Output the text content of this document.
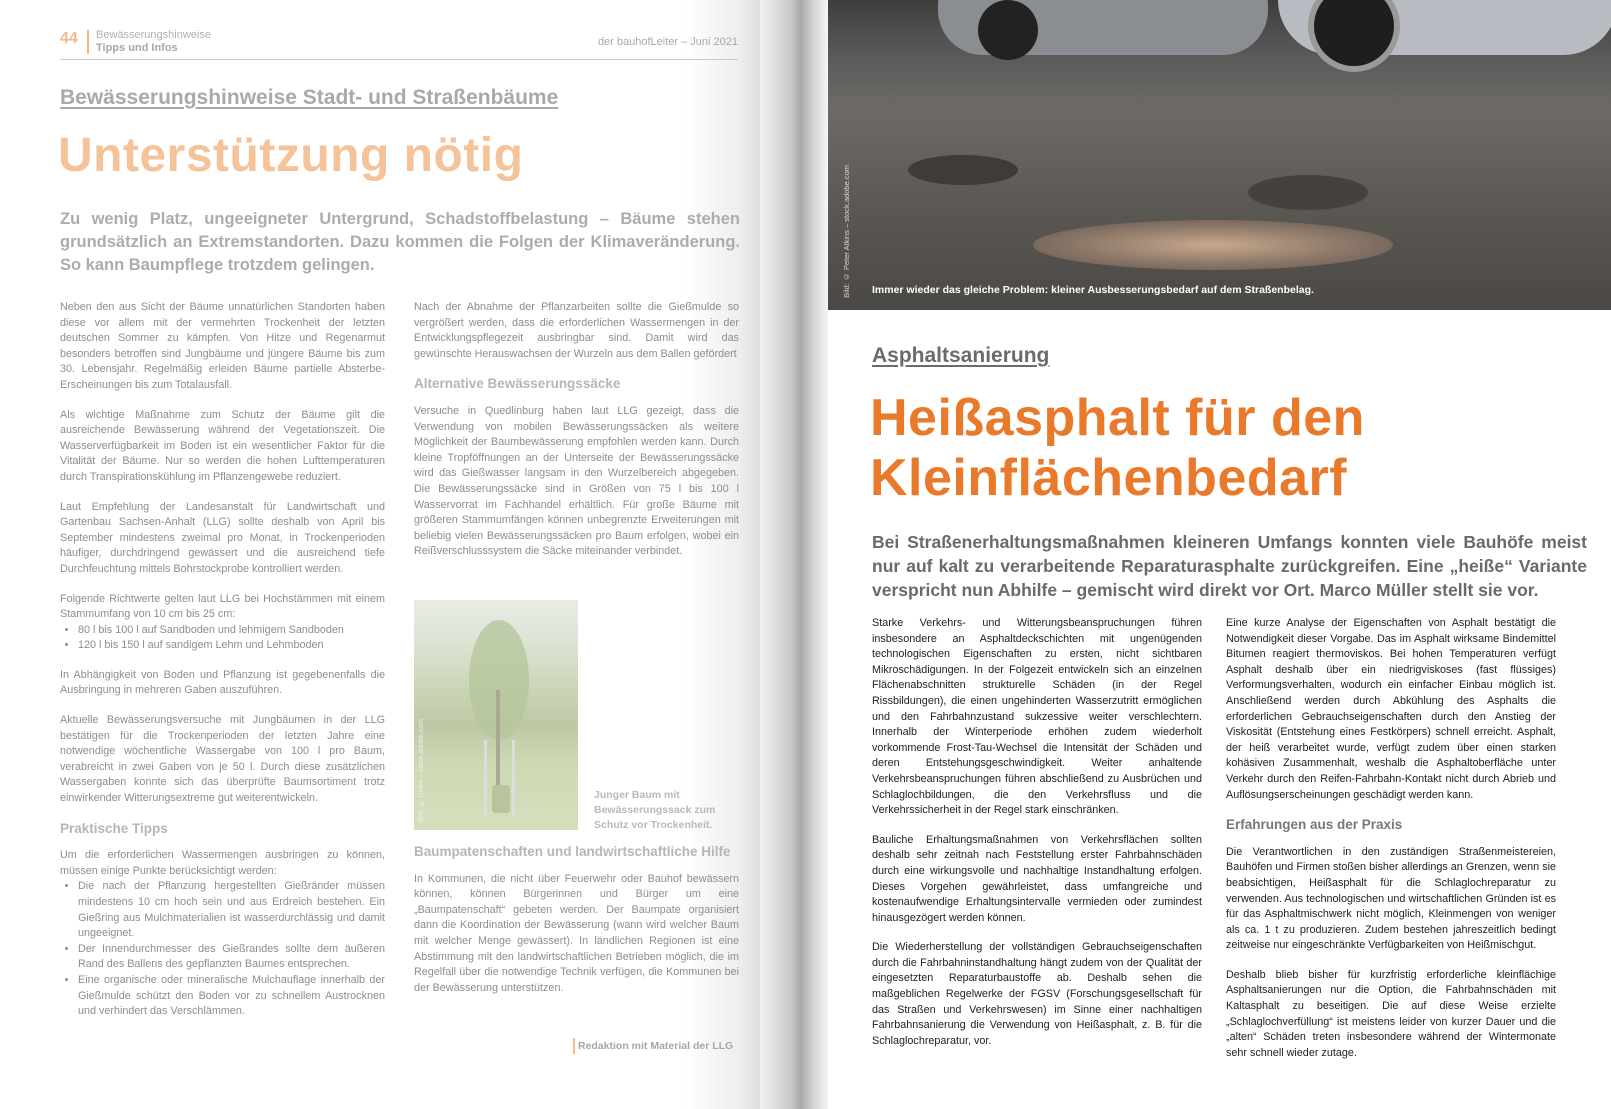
44 Bewässerungshinweise
Tipps und Infos	der bauhofLeiter – Juni 2021
Bewässerungshinweise Stadt- und Straßenbäume
Unterstützung nötig
Zu wenig Platz, ungeeigneter Untergrund, Schadstoffbelastung – Bäume stehen grundsätzlich an Extremstandorten. Dazu kommen die Folgen der Klimaveränderung. So kann Baumpflege trotzdem gelingen.

Neben den aus Sicht der Bäume unnatürlichen Standorten haben diese vor allem mit der vermehrten Trockenheit der letzten deutschen Sommer zu kämpfen. Von Hitze und Regenarmut besonders betroffen sind Jungbäume und jüngere Bäume bis zum 30. Lebensjahr. Regelmäßig erleiden Bäume partielle Absterbe-Erscheinungen bis zum Totalausfall.

Als wichtige Maßnahme zum Schutz der Bäume gilt die ausreichende Bewässerung während der Vegetationszeit. Die Wasserverfügbarkeit im Boden ist ein wesentlicher Faktor für die Vitalität der Bäume. Nur so werden die hohen Lufttemperaturen durch Transpirationskühlung im Pflanzengewebe reduziert.

Laut Empfehlung der Landesanstalt für Landwirtschaft und Gartenbau Sachsen-Anhalt (LLG) sollte deshalb von April bis September mindestens zweimal pro Monat, in Trockenperioden häufiger, durchdringend gewässert und die ausreichend tiefe Durchfeuchtung mittels Bohrstockprobe kontrolliert werden.

Folgende Richtwerte gelten laut LLG bei Hochstämmen mit einem Stammumfang von 10 cm bis 25 cm:

• 80 l bis 100 l auf Sandboden und lehmigem Sandboden
• 120 l bis 150 l auf sandigem Lehm und Lehmboden

In Abhängigkeit von Boden und Pflanzung ist gegebenenfalls die Ausbringung in mehreren Gaben auszuführen.

Aktuelle Bewässerungsversuche mit Jungbäumen in der LLG bestätigen für die Trockenperioden der letzten Jahre eine notwendige wöchentliche Wassergabe von 100 l pro Baum, verabreicht in zwei Gaben von je 50 l. Durch diese zusätzlichen Wassergaben konnte sich das überprüfte Baumsortiment trotz einwirkender Witterungsextreme gut weiterentwickeln.

Praktische Tipps

Um die erforderlichen Wassermengen ausbringen zu können, müssen einige Punkte berücksichtigt werden:

• Die nach der Pflanzung hergestellten Gießränder müssen mindestens 10 cm hoch sein und aus Erdreich bestehen. Ein Gießring aus Mulchmaterialien ist wasserdurchlässig und damit ungeeignet.
• Der Innendurchmesser des Gießrandes sollte dem äußeren Rand des Ballens des gepflanzten Baumes entsprechen.
• Eine organische oder mineralische Mulchauflage innerhalb der Gießmulde schützt den Boden vor zu schnellem Austrocknen und verhindert das Verschlämmen.

Nach der Abnahme der Pflanzarbeiten sollte die Gießmulde so vergrößert werden, dass die erforderlichen Wassermengen in der Entwicklungspflegezeit ausbringbar sind. Damit wird das gewünschte Herauswachsen der Wurzeln aus dem Ballen gefördert

Alternative Bewässerungssäcke

Versuche in Quedlinburg haben laut LLG gezeigt, dass die Verwendung von mobilen Bewässerungssäcken als weitere Möglichkeit der Baumbewässerung empfohlen werden kann. Durch kleine Tropföffnungen an der Unterseite der Bewässerungssäcke wird das Gießwasser langsam in den Wurzelbereich abgegeben. Die Bewässerungssäcke sind in Größen von 75 l bis 100 l Wasservorrat im Fachhandel erhältlich. Für große Bäume mit größeren Stammumfängen können unbegrenzte Erweiterungen mit beliebig vielen Bewässerungssäcken pro Baum erfolgen, wobei ein Reißverschlusssystem die Säcke miteinander verbindet.

Bild: © Ulrike – stock.adobe.com	Junger Baum mit Bewässerungssack zum Schutz vor Trockenheit.
Baumpatenschaften und landwirtschaftliche Hilfe

In Kommunen, die nicht über Feuerwehr oder Bauhof bewässern können, können Bürgerinnen und Bürger um eine „Baumpatenschaft“ gebeten werden. Der Baumpate organisiert dann die Koordination der Bewässerung (wann wird welcher Baum mit welcher Menge gewässert). In ländlichen Regionen ist eine Abstimmung mit den landwirtschaftlichen Betrieben möglich, die im Regelfall über die notwendige Technik verfügen, die Kommunen bei der Bewässerung unterstützen.

Redaktion mit Material der LLG
Bild: © Peter Atkins – stock.adobe.com Immer wieder das gleiche Problem: kleiner Ausbesserungsbedarf auf dem Straßenbelag.
Asphaltsanierung
Heißasphalt für den Kleinflächenbedarf
Bei Straßenerhaltungsmaßnahmen kleineren Umfangs konnten viele Bauhöfe meist nur auf kalt zu verarbeitende Reparaturasphalte zurückgreifen. Eine „heiße“ Variante verspricht nun Abhilfe – gemischt wird direkt vor Ort. Marco Müller stellt sie vor.

Starke Verkehrs- und Witterungsbeanspruchungen führen insbesondere an Asphaltdeckschichten mit ungenügenden technologischen Eigenschaften zu ersten, nicht sichtbaren Mikroschädigungen. In der Folgezeit entwickeln sich an einzelnen Flächenabschnitten strukturelle Schäden (in der Regel Rissbildungen), die einen ungehinderten Wasserzutritt ermöglichen und den Fahrbahnzustand sukzessive weiter verschlechtern. Innerhalb der Winterperiode erhöhen zudem wiederholt vorkommende Frost-Tau-Wechsel die Intensität der Schäden und deren Entstehungsgeschwindigkeit. Weiter anhaltende Verkehrsbeanspruchungen führen abschließend zu Ausbrüchen und Schlaglochbildungen, die den Verkehrsfluss und die Verkehrssicherheit in der Regel stark einschränken.

Bauliche Erhaltungsmaßnahmen von Verkehrsflächen sollten deshalb sehr zeitnah nach Feststellung erster Fahrbahnschäden durch eine wirkungsvolle und nachhaltige Instandhaltung erfolgen. Dieses Vorgehen gewährleistet, dass umfangreiche und kostenaufwendige Erhaltungsintervalle vermieden oder zumindest hinausgezögert werden können.

Die Wiederherstellung der vollständigen Gebrauchseigenschaften durch die Fahrbahninstandhaltung hängt zudem von der Qualität der eingesetzten Reparaturbaustoffe ab. Deshalb sehen die maßgeblichen Regelwerke der FGSV (Forschungsgesellschaft für das Straßen und Verkehrswesen) im Sinne einer nachhaltigen Fahrbahnsanierung die Verwendung von Heißasphalt, z. B. für die Schlaglochreparatur, vor.

Eine kurze Analyse der Eigenschaften von Asphalt bestätigt die Notwendigkeit dieser Vorgabe. Das im Asphalt wirksame Bindemittel Bitumen reagiert thermoviskos. Bei hohen Temperaturen verfügt Asphalt deshalb über ein niedrigviskoses (fast flüssiges) Verformungsverhalten, wodurch ein einfacher Einbau möglich ist. Anschließend werden durch Abkühlung des Asphalts die erforderlichen Gebrauchseigenschaften durch den Anstieg der Viskosität (Entstehung eines Festkörpers) schnell erreicht. Asphalt, der heiß verarbeitet wurde, verfügt zudem über einen starken kohäsiven Zusammenhalt, weshalb die Asphaltoberfläche unter Verkehr durch den Reifen-Fahrbahn-Kontakt nicht durch Abrieb und Auflösungserscheinungen geschädigt werden kann.

Erfahrungen aus der Praxis

Die Verantwortlichen in den zuständigen Straßenmeistereien, Bauhöfen und Firmen stoßen bisher allerdings an Grenzen, wenn sie beabsichtigen, Heißasphalt für die Schlaglochreparatur zu verwenden. Aus technologischen und wirtschaftlichen Gründen ist es für das Asphaltmischwerk nicht möglich, Kleinmengen von weniger als ca. 1 t zu produzieren. Zudem bestehen jahreszeitlich bedingt zeitweise nur eingeschränkte Verfügbarkeiten von Heißmischgut.

Deshalb blieb bisher für kurzfristig erforderliche kleinflächige Asphaltsanierungen nur die Option, die Fahrbahnschäden mit Kaltasphalt zu beseitigen. Die auf diese Weise erzielte „Schlaglochverfüllung“ ist meistens leider von kurzer Dauer und die „alten“ Schäden treten insbesondere während der Wintermonate sehr schnell wieder zutage.
